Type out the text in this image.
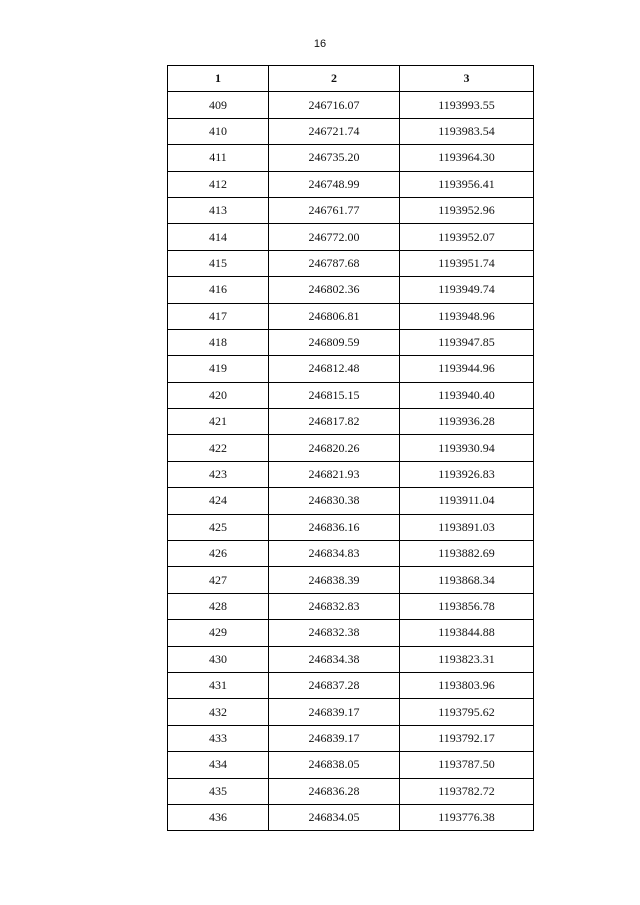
16
1	2	3
409	246716.07	1193993.55
410	246721.74	1193983.54
411	246735.20	1193964.30
412	246748.99	1193956.41
413	246761.77	1193952.96
414	246772.00	1193952.07
415	246787.68	1193951.74
416	246802.36	1193949.74
417	246806.81	1193948.96
418	246809.59	1193947.85
419	246812.48	1193944.96
420	246815.15	1193940.40
421	246817.82	1193936.28
422	246820.26	1193930.94
423	246821.93	1193926.83
424	246830.38	1193911.04
425	246836.16	1193891.03
426	246834.83	1193882.69
427	246838.39	1193868.34
428	246832.83	1193856.78
429	246832.38	1193844.88
430	246834.38	1193823.31
431	246837.28	1193803.96
432	246839.17	1193795.62
433	246839.17	1193792.17
434	246838.05	1193787.50
435	246836.28	1193782.72
436	246834.05	1193776.38
